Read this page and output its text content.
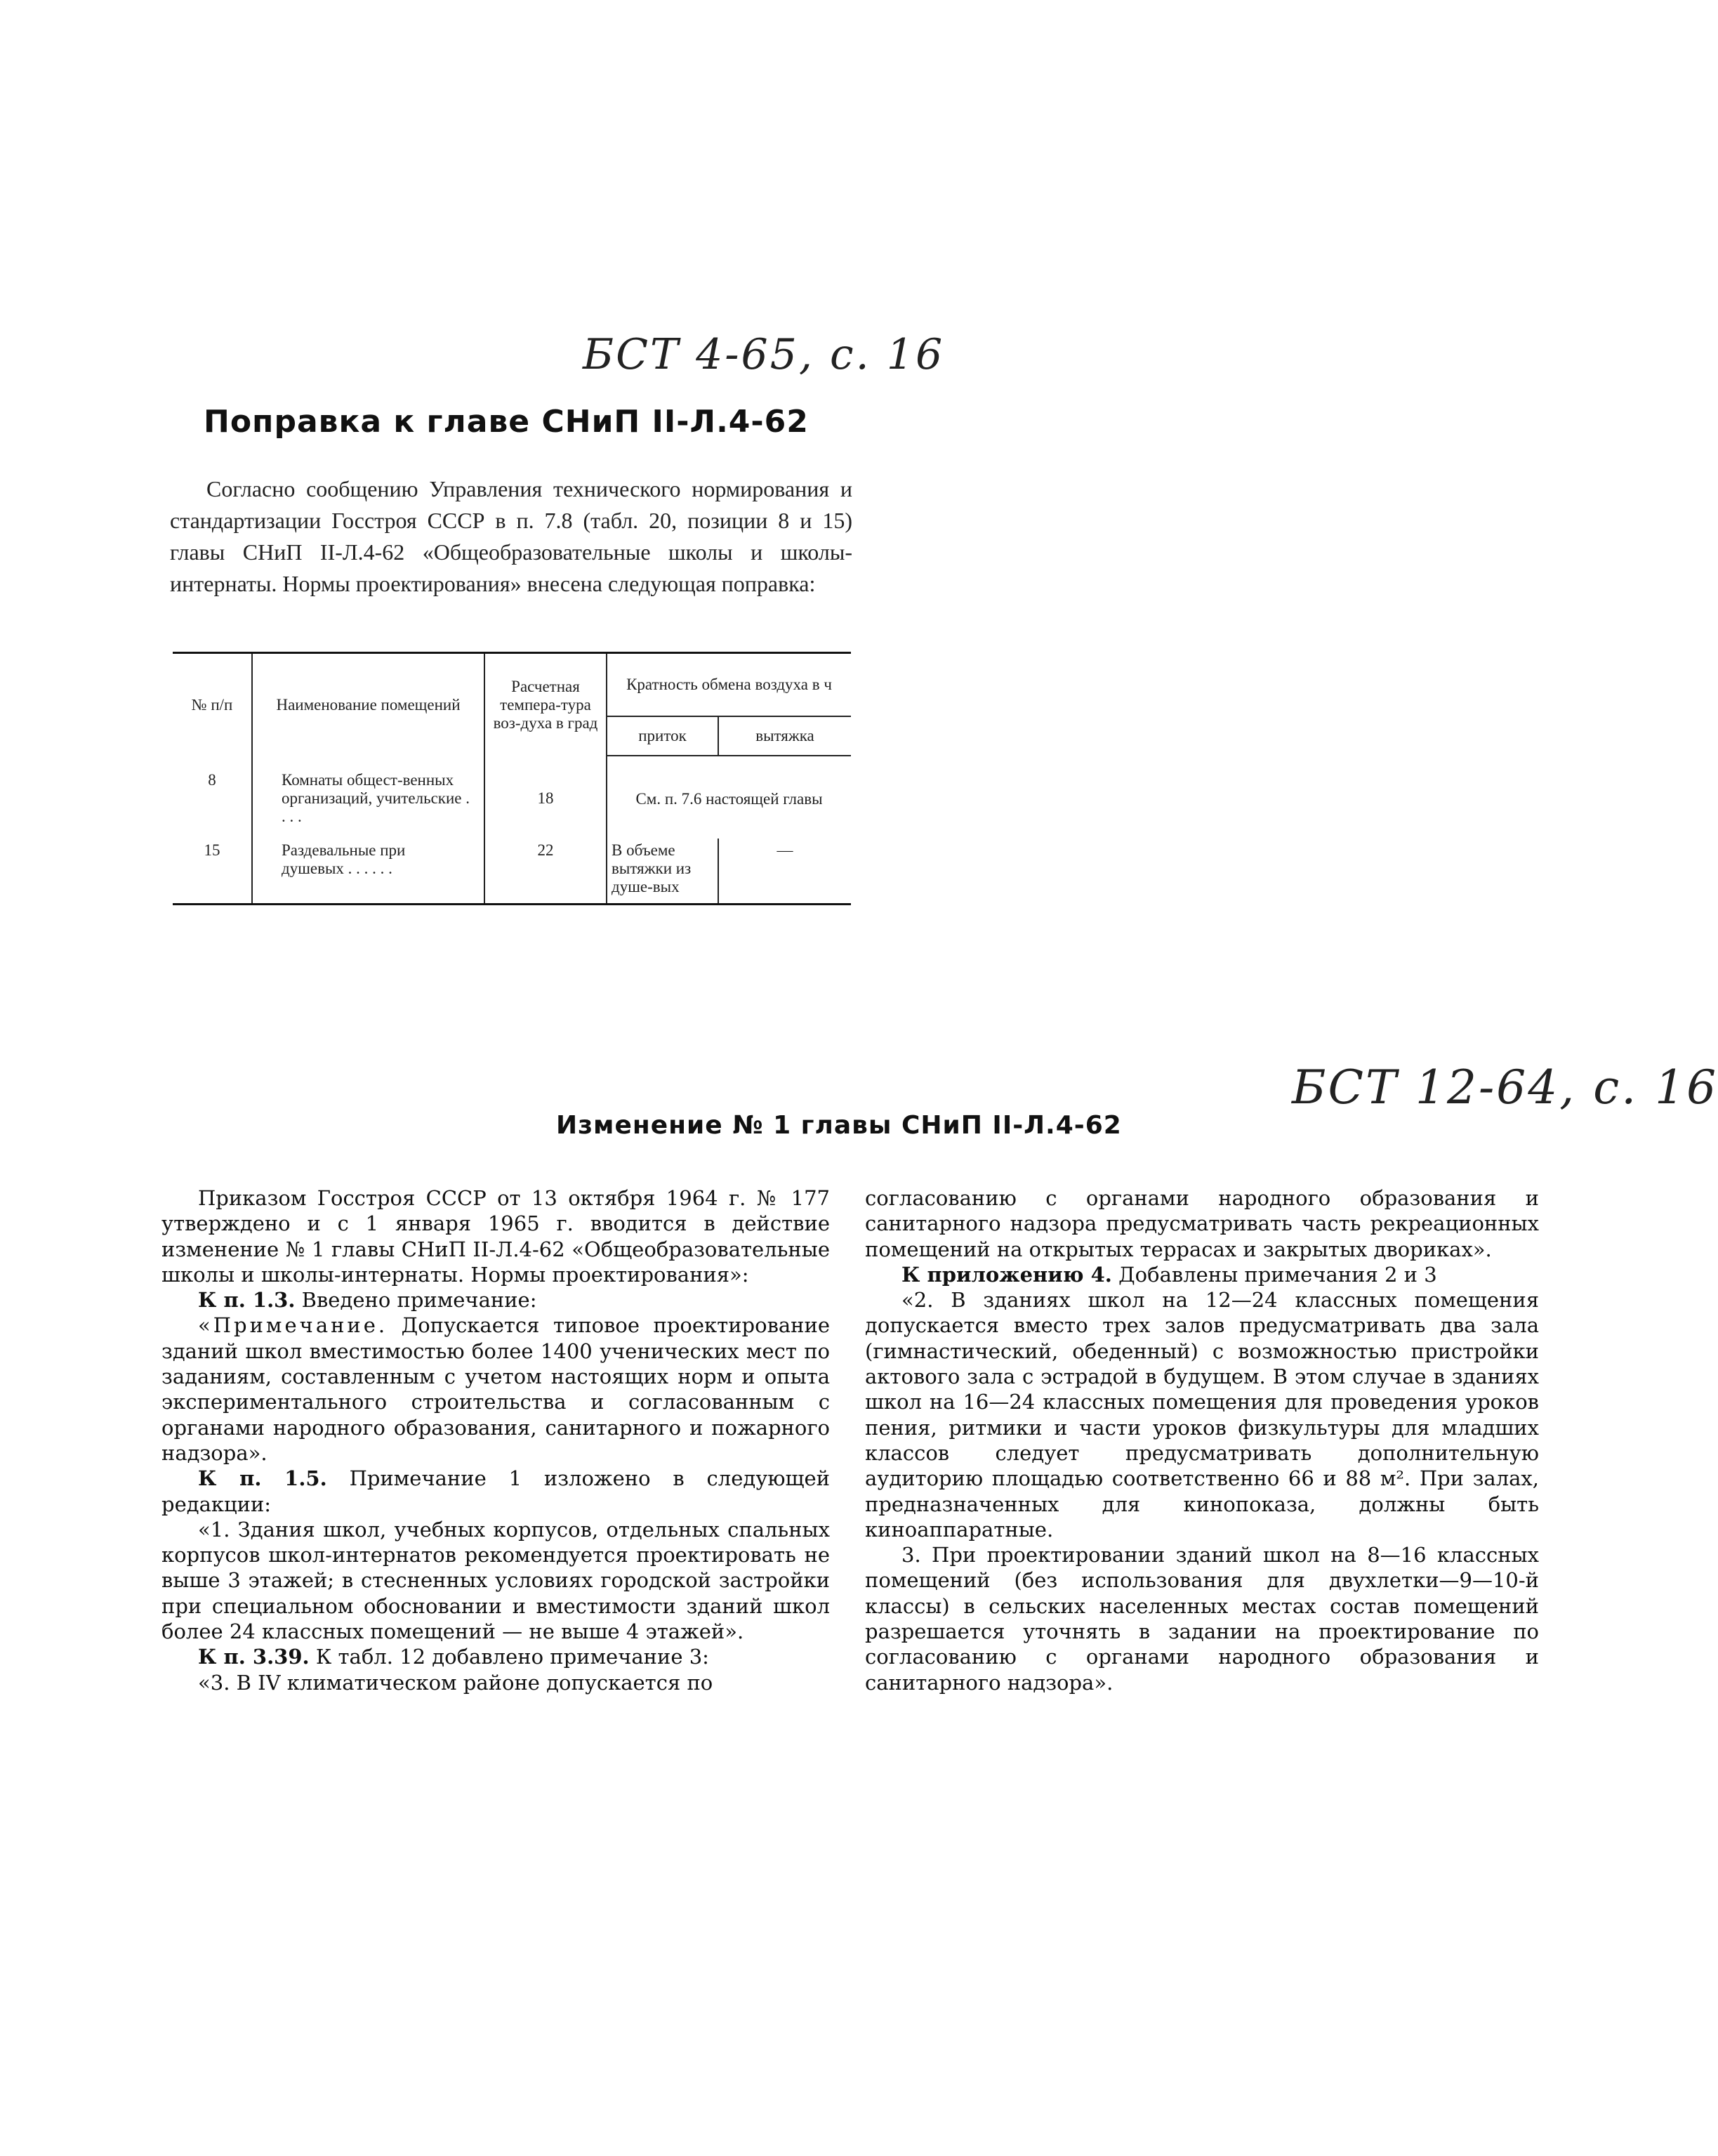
БСТ 4-65, с. 16
БСТ 12-64, с. 16
Поправка к главе СНиП II-Л.4-62

Согласно сообщению Управления технического нормирования и стандартизации Госстроя СССР в п. 7.8 (табл. 20, позиции 8 и 15) главы СНиП II-Л.4-62 «Общеобразовательные школы и школы-интернаты. Нормы проектирования» внесена следующая поправка:

№ п/п	Наименование помещений	Расчетная темпера-тура воз-духа в град	Кратность обмена воздуха в ч	
			приток	вытяжка
8	Комнаты общест-венных организаций, учительские . . . .	18	См. п. 7.6 настоящей главы	
15	Раздевальные при душевых . . . . . .	22	В объеме вытяжки из душе-вых	—
Изменение № 1 главы СНиП II-Л.4-62

Приказом Госстроя СССР от 13 октября 1964 г. № 177 утверждено и с 1 января 1965 г. вводится в действие изменение № 1 главы СНиП II-Л.4-62 «Общеобразовательные школы и школы-интернаты. Нормы проектирования»:

К п. 1.3. Введено примечание:

«Примечание. Допускается типовое проектирование зданий школ вместимостью более 1400 ученических мест по заданиям, составленным с учетом настоящих норм и опыта экспериментального строительства и согласованным с органами народного образования, санитарного и пожарного надзора».

К п. 1.5. Примечание 1 изложено в следующей редакции:

«1. Здания школ, учебных корпусов, отдельных спальных корпусов школ-интернатов рекомендуется проектировать не выше 3 этажей; в стесненных условиях городской застройки при специальном обосновании и вместимости зданий школ более 24 классных помещений — не выше 4 этажей».

К п. 3.39. К табл. 12 добавлено примечание 3:

«3. В IV климатическом районе допускается по

согласованию с органами народного образования и санитарного надзора предусматривать часть рекреационных помещений на открытых террасах и закрытых двориках».

К приложению 4. Добавлены примечания 2 и 3

«2. В зданиях школ на 12—24 классных помещения допускается вместо трех залов предусматривать два зала (гимнастический, обеденный) с возможностью пристройки актового зала с эстрадой в будущем. В этом случае в зданиях школ на 16—24 классных помещения для проведения уроков пения, ритмики и части уроков физкультуры для младших классов следует предусматривать дополнительную аудиторию площадью соответственно 66 и 88 м². При залах, предназначенных для кинопоказа, должны быть киноаппаратные.

3. При проектировании зданий школ на 8—16 классных помещений (без использования для двухлетки—9—10-й классы) в сельских населенных местах состав помещений разрешается уточнять в задании на проектирование по согласованию с органами народного образования и санитарного надзора».
